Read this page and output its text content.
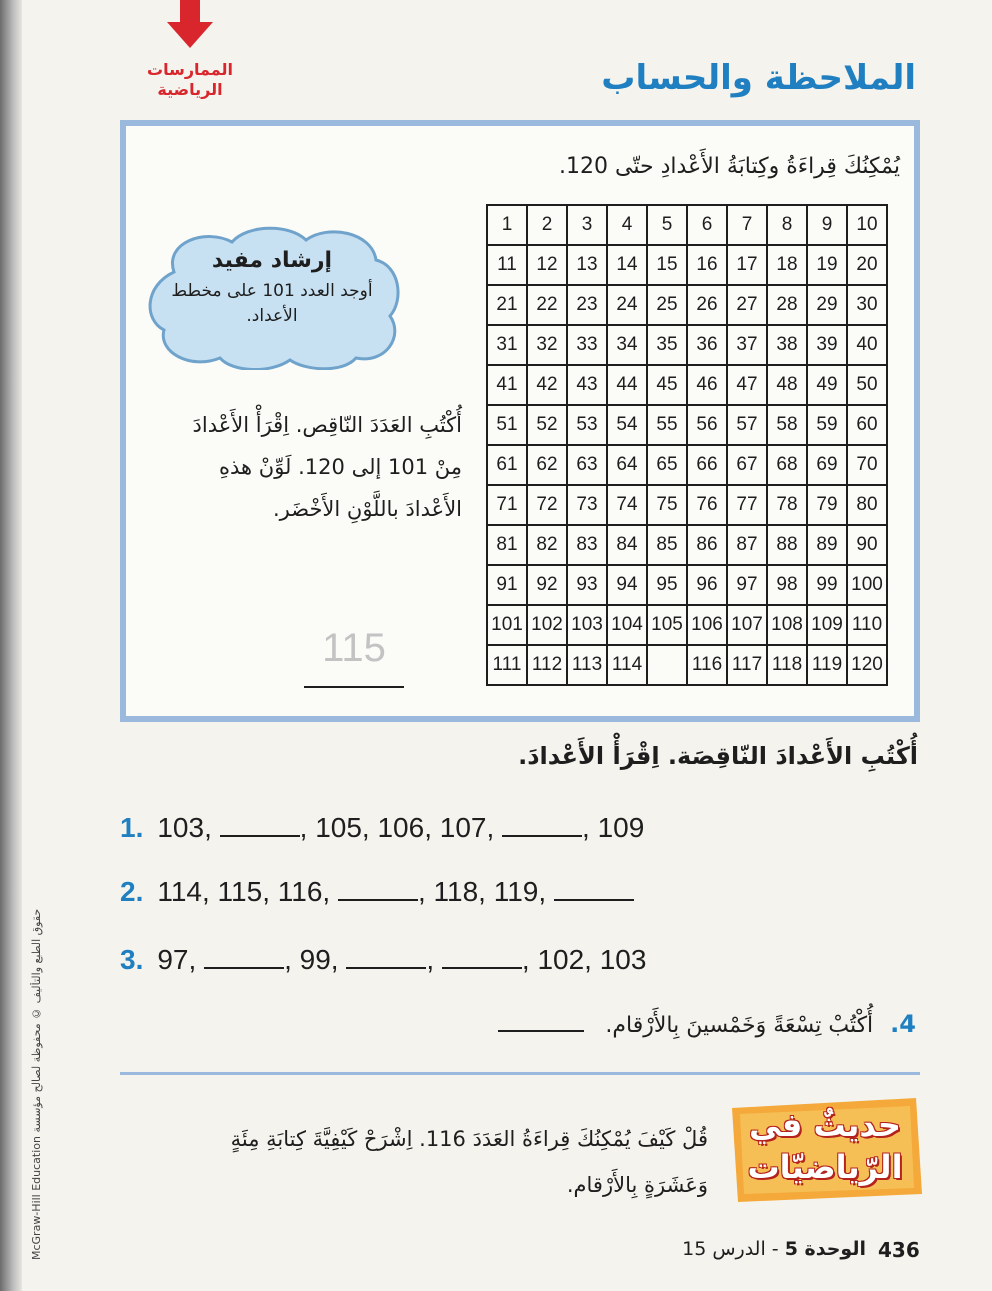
McGraw-Hill Education حقوق الطبع والتأليف © محفوظة لصالح مؤسسة
الممارسات
الرياضية	الملاحظة والحساب
يُمْكِنُكَ قِراءَةُ وكِتابَةُ الأَعْدادِ حتّى 120.
1	2	3	4	5	6	7	8	9	10
11	12	13	14	15	16	17	18	19	20
21	22	23	24	25	26	27	28	29	30
31	32	33	34	35	36	37	38	39	40
41	42	43	44	45	46	47	48	49	50
51	52	53	54	55	56	57	58	59	60
61	62	63	64	65	66	67	68	69	70
71	72	73	74	75	76	77	78	79	80
81	82	83	84	85	86	87	88	89	90
91	92	93	94	95	96	97	98	99	100
101	102	103	104	105	106	107	108	109	110
111	112	113	114		116	117	118	119	120
إرشاد مفيد
أوجد العدد 101 على مخطط الأعداد.
أُكْتُبِ العَدَدَ النّاقِص. اِقْرَأْ الأَعْدادَ مِنْ 101 إلى 120. لَوِّنْ هذهِ الأَعْدادَ باللَّوْنِ الأَخْضَر.
115
أُكْتُبِ الأَعْدادَ النّاقِصَة. اِقْرَأْ الأَعْدادَ.
1. 103,	, 105, 106, 107,	, 109
2. 114, 115, 116,	, 118, 119,
3. 97,	, 99,	,	, 102, 103
4. أُكْتُبْ تِسْعَةً وَخَمْسينَ بِالأَرْقام.
حديثٌ في
الرّياضيّات
قُلْ كَيْفَ يُمْكِنُكَ قِراءَةُ العَدَدَ 116. اِشْرَحْ كَيْفِيَّةَ كِتابَةِ مِئَةٍ وَعَشَرَةٍ بِالأَرْقام.
الوحدة 5 - الدرس 15	436
